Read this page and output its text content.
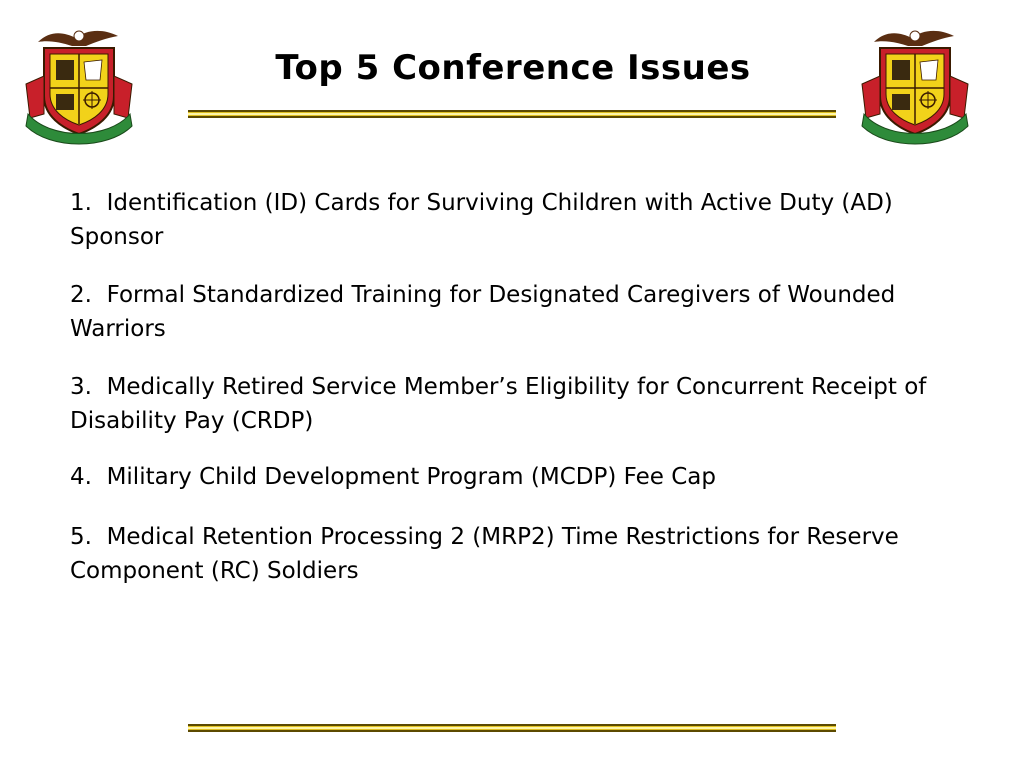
Top 5 Conference Issues
1.  Identification (ID) Cards for Surviving Children with Active Duty (AD) Sponsor
2.  Formal Standardized Training for Designated Caregivers of Wounded Warriors
3.  Medically Retired Service Member’s Eligibility for Concurrent Receipt of Disability Pay (CRDP)
4.  Military Child Development Program (MCDP) Fee Cap
5.  Medical Retention Processing 2 (MRP2) Time Restrictions for Reserve Component (RC) Soldiers
